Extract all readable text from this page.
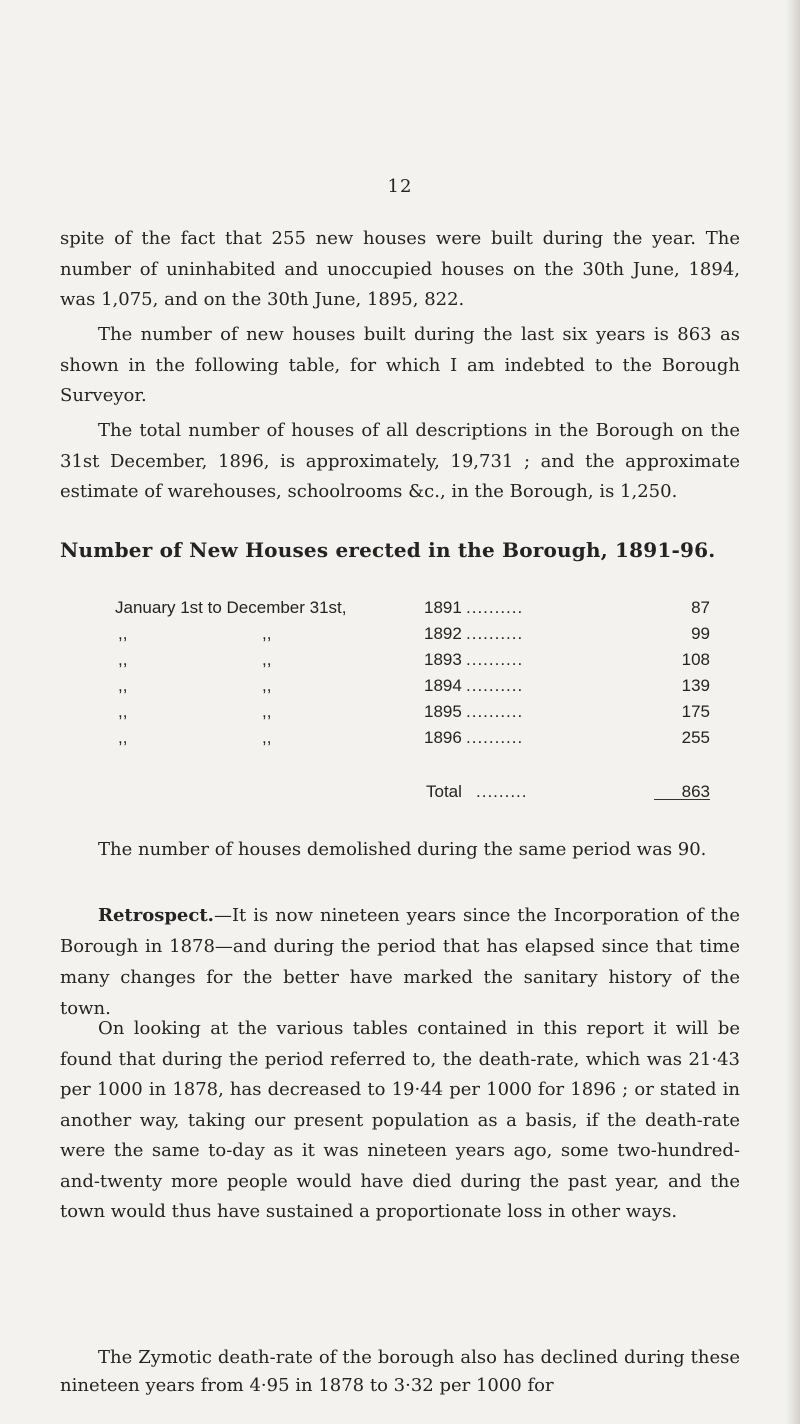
12

spite of the fact that 255 new houses were built during the year. The number of uninhabited and unoccupied houses on the 30th June, 1894, was 1,075, and on the 30th June, 1895, 822.

The number of new houses built during the last six years is 863 as shown in the following table, for which I am indebted to the Borough Surveyor.

The total number of houses of all descriptions in the Borough on the 31st December, 1896, is approximately, 19,731 ; and the approximate estimate of warehouses, schoolrooms &c., in the Borough, is 1,250.

Number of New Houses erected in the Borough, 1891-96.
January 1st to December 31st,	1891 ..........	87
,,	,,	1892 ..........	99
,,	,,	1893 ..........	108
,,	,,	1894 ..........	139
,,	,,	1895 ..........	175
,,	,,	1896 ..........	255
Total .........	863

The number of houses demolished during the same period was 90.

Retrospect.—It is now nineteen years since the Incorporation of the Borough in 1878—and during the period that has elapsed since that time many changes for the better have marked the sanitary history of the town.

On looking at the various tables contained in this report it will be found that during the period referred to, the death-rate, which was 21·43 per 1000 in 1878, has decreased to 19·44 per 1000 for 1896 ; or stated in another way, taking our present population as a basis, if the death-rate were the same to-day as it was nineteen years ago, some two-hundred-and-twenty more people would have died during the past year, and the town would thus have sustained a proportionate loss in other ways.

The Zymotic death-rate of the borough also has declined during these nineteen years from 4·95 in 1878 to 3·32 per 1000 for
